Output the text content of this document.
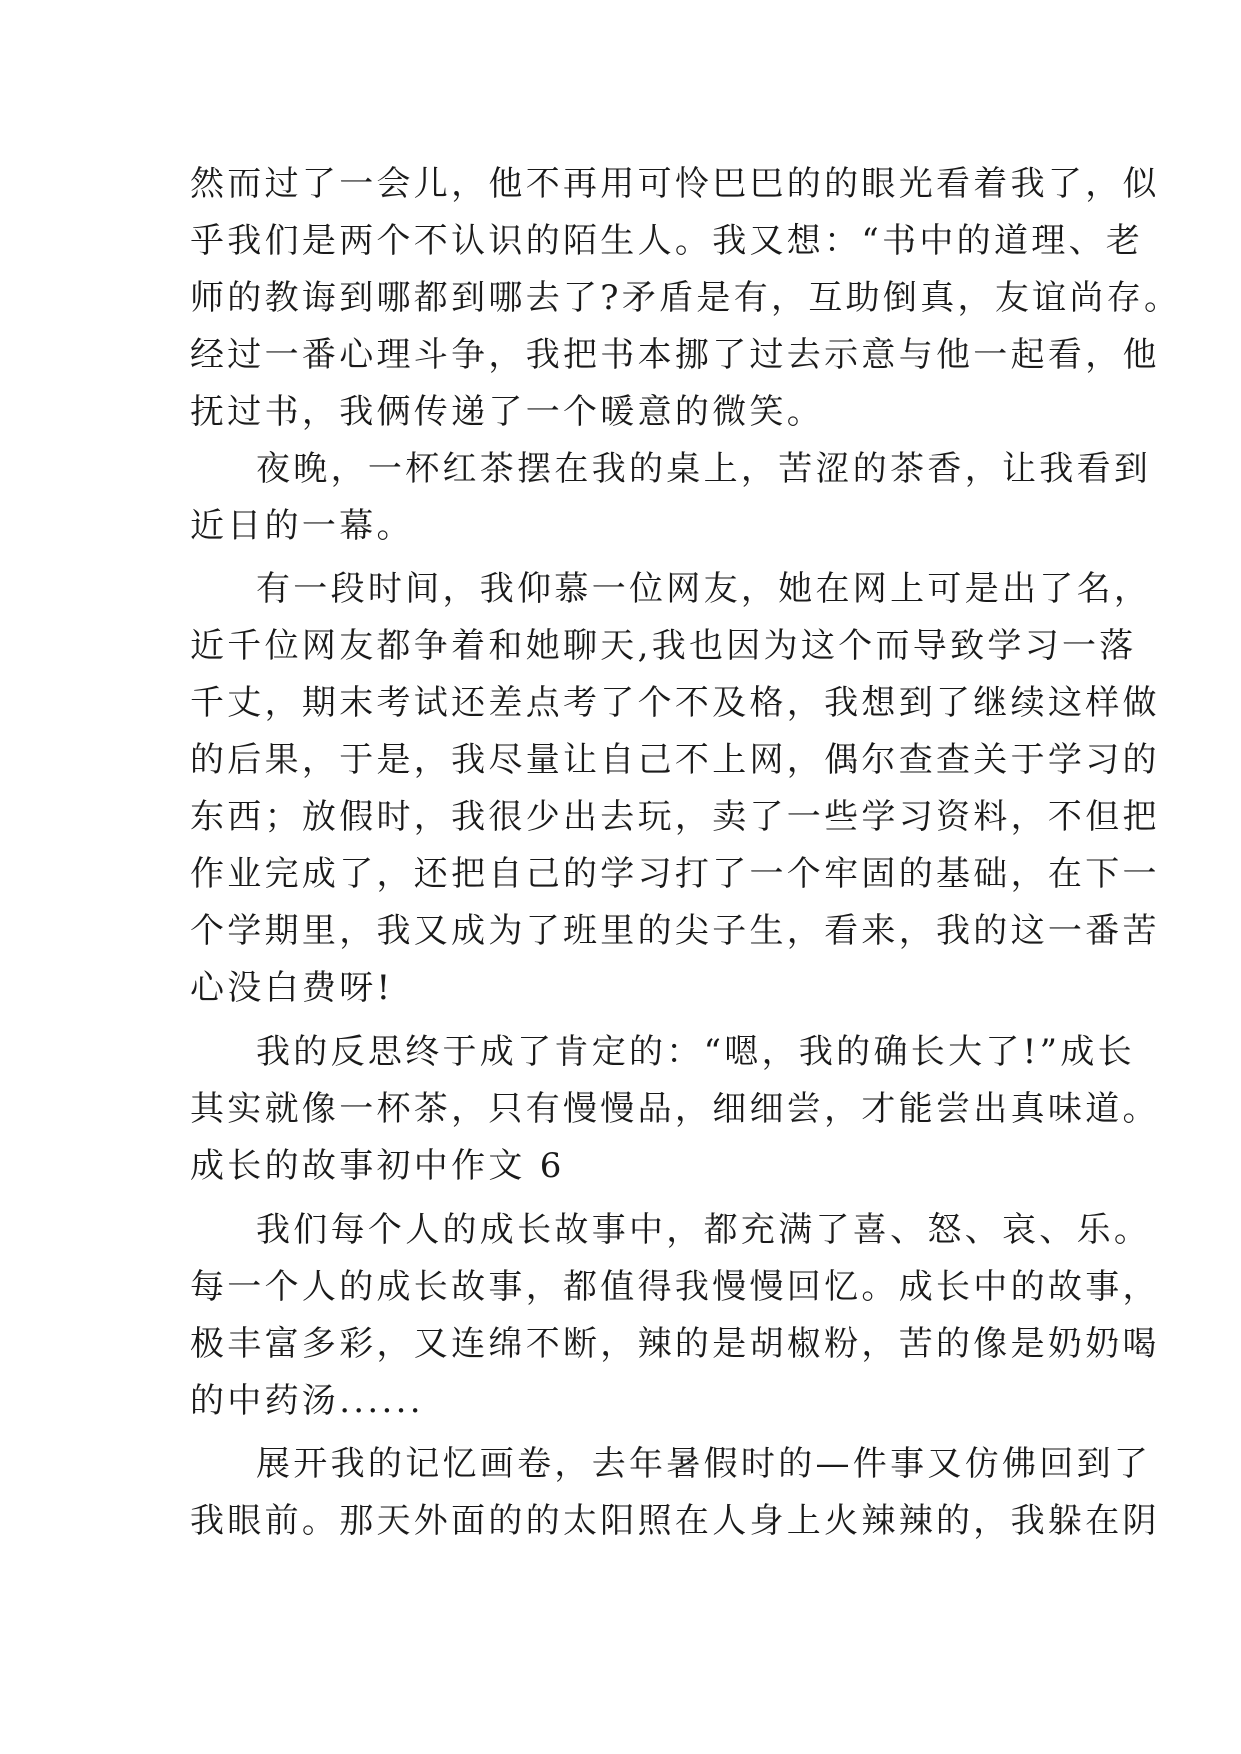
然而过了一会儿，他不再用可怜巴巴的的眼光看着我了，似
乎我们是两个不认识的陌生人。我又想：“书中的道理、老
师的教诲到哪都到哪去了?矛盾是有，互助倒真，友谊尚存。
经过一番心理斗争，我把书本挪了过去示意与他一起看，他
抚过书，我俩传递了一个暖意的微笑。
夜晚，一杯红茶摆在我的桌上，苦涩的茶香，让我看到
近日的一幕。
有一段时间，我仰慕一位网友，她在网上可是出了名，
近千位网友都争着和她聊天,我也因为这个而导致学习一落
千丈，期末考试还差点考了个不及格，我想到了继续这样做
的后果，于是，我尽量让自己不上网，偶尔查查关于学习的
东西；放假时，我很少出去玩，卖了一些学习资料，不但把
作业完成了，还把自己的学习打了一个牢固的基础，在下一
个学期里，我又成为了班里的尖子生，看来，我的这一番苦
心没白费呀!
我的反思终于成了肯定的：“嗯，我的确长大了!”成长
其实就像一杯茶，只有慢慢品，细细尝，才能尝出真味道。
成长的故事初中作文 6
我们每个人的成长故事中，都充满了喜、怒、哀、乐。
每一个人的成长故事，都值得我慢慢回忆。成长中的故事，
极丰富多彩，又连绵不断，辣的是胡椒粉，苦的像是奶奶喝
的中药汤......
展开我的记忆画卷，去年暑假时的—件事又仿佛回到了
我眼前。那天外面的的太阳照在人身上火辣辣的，我躲在阴
